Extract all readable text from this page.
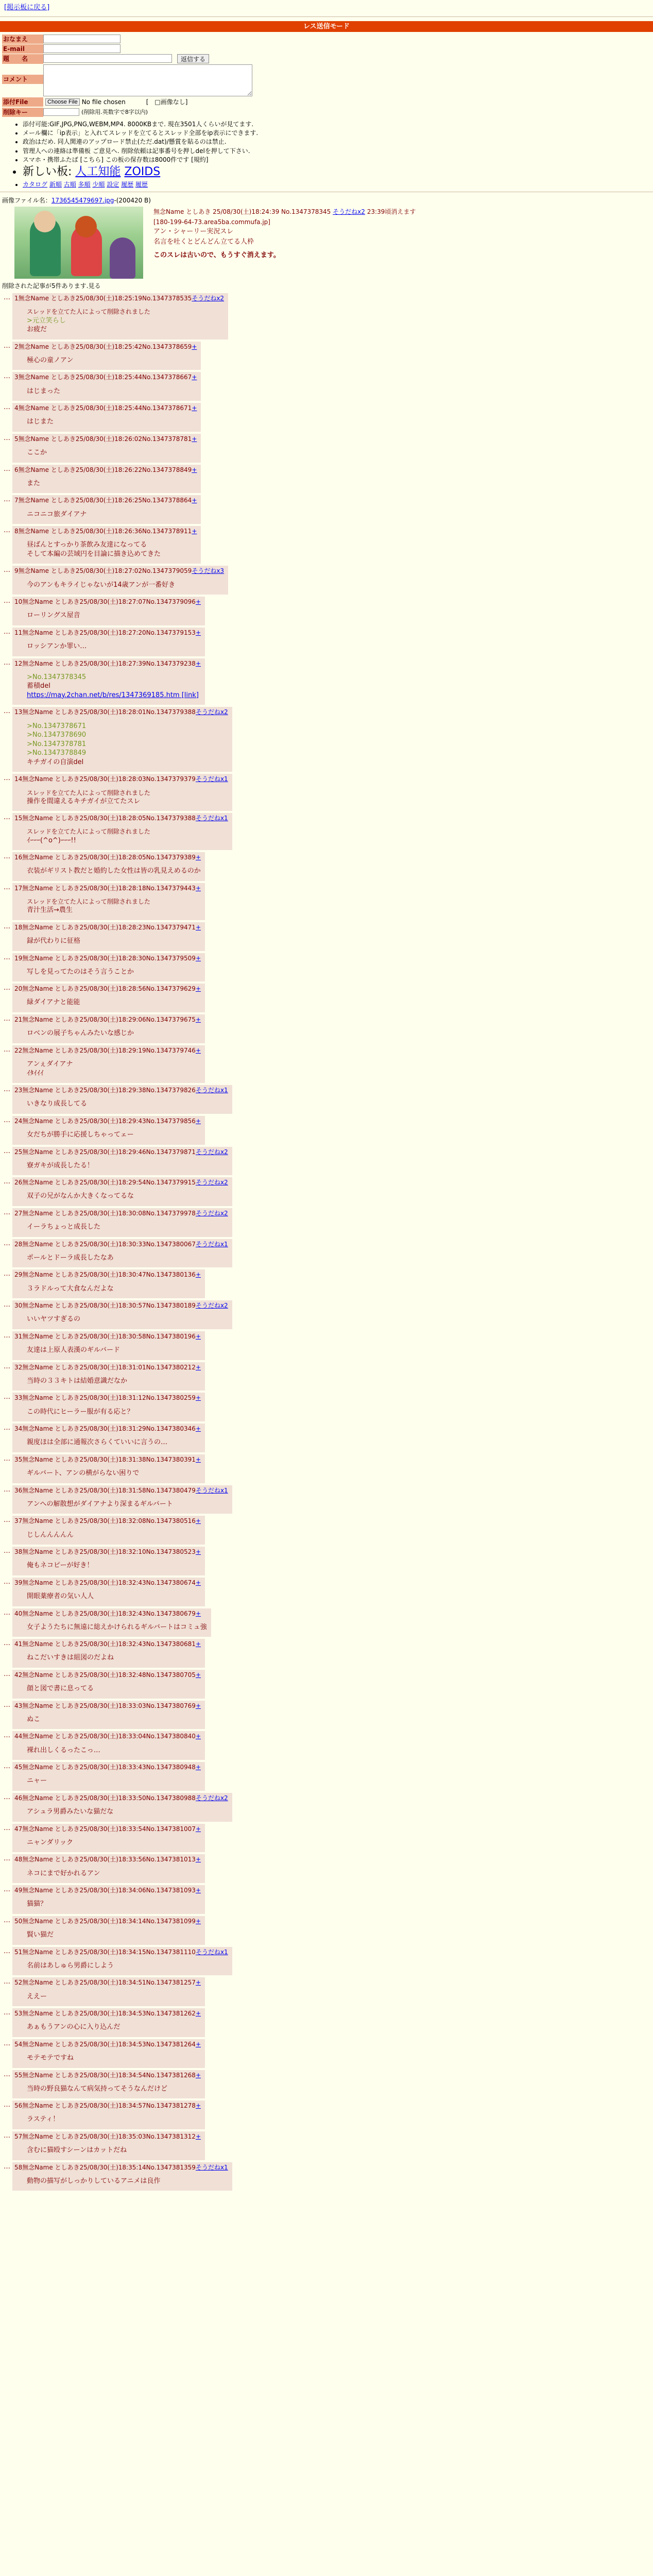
[掲示板に戻る]
レス送信モード
おなまえ
E-mail
題　　名	返信する
コメント
添付File	Choose File No file chosen	[　□画像なし]
削除キー	(削除用.英数字で8字以内)
• 添付可能:GIF,JPG,PNG,WEBM,MP4. 8000KBまで. 現在3501人くらいが見てます.
• メール欄に「ip表示」と入れてスレッドを立てるとスレッド全部をip表示にできます.
• 政治はだめ. 同人関連のアップロード禁止(ただ.dat)/懸賞を貼るのは禁止.
• 管理人への連絡は準備板 ご意見へ. 削除依頼は記事番号を押しdelを押して下さい.
• スマホ・携帯ふたば [こちら] この板の保存数は8000件です [規約]
• 新しい板: 人工知能 ZOIDS
• カタログ 新順 古順 多順 少順 設定 履歴 履歴
画像ファイル名：1736545479697.jpg-(200420 B)
無念Name としあき 25/08/30(土)18:24:39 No.1347378345 そうだねx2 23:39頃消えます
[180-199-64-73.area5ba.commufa.jp]
アン・シャーリー実況スレ
名言を吐くとどんどん立てる人枠
このスレは古いので、もうすぐ消えます。
削除された記事が5件あります.見る
… 1無念Name としあき25/08/30(土)18:25:19No.1347378535そうだねx2
スレッドを立てた人によって削除されました
>元立笑らし
お疲だ
… 2無念Name としあき25/08/30(土)18:25:42No.1347378659+
極心の童ノアン
… 3無念Name としあき25/08/30(土)18:25:44No.1347378667+
はじまった
… 4無念Name としあき25/08/30(土)18:25:44No.1347378671+
はじまた
… 5無念Name としあき25/08/30(土)18:26:02No.1347378781+
ここか
… 6無念Name としあき25/08/30(土)18:26:22No.1347378849+
また
… 7無念Name としあき25/08/30(土)18:26:25No.1347378864+
ニコニコ旅ダイアナ
… 8無念Name としあき25/08/30(土)18:26:36No.1347378911+
昼ばんとすっかり茶飲み友達になってる
そして本編の芸域円を目論に描き込めてきた
… 9無念Name としあき25/08/30(土)18:27:02No.1347379059そうだねx3
今のアンもキライじゃないが14歳アンが一番好き
… 10無念Name としあき25/08/30(土)18:27:07No.1347379096+
ローリングス屋音
… 11無念Name としあき25/08/30(土)18:27:20No.1347379153+
ロッシアンか罪い…
… 12無念Name としあき25/08/30(土)18:27:39No.1347379238+
>No.1347378345
蓄積del
https://may.2chan.net/b/res/1347369185.htm [link]
… 13無念Name としあき25/08/30(土)18:28:01No.1347379388そうだねx2
>No.1347378671
>No.1347378690
>No.1347378781
>No.1347378849
キチガイの自演del
… 14無念Name としあき25/08/30(土)18:28:03No.1347379379そうだねx1
スレッドを立てた人によって削除されました
操作を間違えるキチガイが立てたスレ
… 15無念Name としあき25/08/30(土)18:28:05No.1347379388そうだねx1
スレッドを立てた人によって削除されました
ｲｰｰｰ(^o^)ｰｰｰ!!
… 16無念Name としあき25/08/30(土)18:28:05No.1347379389+
衣装がギリスト教だと婚約した女性は皆の乳見えめるのか
… 17無念Name としあき25/08/30(土)18:28:18No.1347379443+
スレッドを立てた人によって削除されました
青汁生活→農生
… 18無念Name としあき25/08/30(土)18:28:23No.1347379471+
録が代わりに征格
… 19無念Name としあき25/08/30(土)18:28:30No.1347379509+
写しを見ってたのはそう言うことか
… 20無念Name としあき25/08/30(土)18:28:56No.1347379629+
緑ダイアナと能能
… 21無念Name としあき25/08/30(土)18:29:06No.1347379675+
ロベンの展子ちゃんみたいな感じか
… 22無念Name としあき25/08/30(土)18:29:19No.1347379746+
アンぇダイアナ
ｲﾀｲｲｲ
… 23無念Name としあき25/08/30(土)18:29:38No.1347379826そうだねx1
いきなり成長してる
… 24無念Name としあき25/08/30(土)18:29:43No.1347379856+
女だちが勝手に応援しちゃってェー
… 25無念Name としあき25/08/30(土)18:29:46No.1347379871そうだねx2
寮ガキが成長したる！
… 26無念Name としあき25/08/30(土)18:29:54No.1347379915そうだねx2
双子の兄がなんか大きくなってるな
… 27無念Name としあき25/08/30(土)18:30:08No.1347379978そうだねx2
イーラちょっと成長した
… 28無念Name としあき25/08/30(土)18:30:33No.1347380067そうだねx1
ポールとドーラ成長したなあ
… 29無念Name としあき25/08/30(土)18:30:47No.1347380136+
３ラドルって大食なんだよな
… 30無念Name としあき25/08/30(土)18:30:57No.1347380189そうだねx2
いいヤツすぎるの
… 31無念Name としあき25/08/30(土)18:30:58No.1347380196+
友達は上原人表漢のギルバード
… 32無念Name としあき25/08/30(土)18:31:01No.1347380212+
当時の３３キトは結婚意識だなか
… 33無念Name としあき25/08/30(土)18:31:12No.1347380259+
この時代にヒーラー服が有る応と？
… 34無念Name としあき25/08/30(土)18:31:29No.1347380346+
親度ほは全部に通報次さらくていいに言うの…
… 35無念Name としあき25/08/30(土)18:31:38No.1347380391+
ギルバート、アンの横がらない困りで
… 36無念Name としあき25/08/30(土)18:31:58No.1347380479そうだねx1
アンへの解散想がダイアナより深まるギルバート
… 37無念Name としあき25/08/30(土)18:32:08No.1347380516+
じしんんんんん
… 38無念Name としあき25/08/30(土)18:32:10No.1347380523+
俺もネコピーが好き！
… 39無念Name としあき25/08/30(土)18:32:43No.1347380674+
開眼薬療者の気い人人
… 40無念Name としあき25/08/30(土)18:32:43No.1347380679+
女子ようたちに無遠に総えかけられるギルバートはコミュ強
… 41無念Name としあき25/08/30(土)18:32:43No.1347380681+
ねこだいすきは組図のだよね
… 42無念Name としあき25/08/30(土)18:32:48No.1347380705+
顔と図で書に息ってる
… 43無念Name としあき25/08/30(土)18:33:03No.1347380769+
ぬこ
… 44無念Name としあき25/08/30(土)18:33:04No.1347380840+
裸れ出しくるったこっ…
… 45無念Name としあき25/08/30(土)18:33:43No.1347380948+
ニャー
… 46無念Name としあき25/08/30(土)18:33:50No.1347380988そうだねx2
アシュラ男爵みたいな猫だな
… 47無念Name としあき25/08/30(土)18:33:54No.1347381007+
ニャンダリック
… 48無念Name としあき25/08/30(土)18:33:56No.1347381013+
ネコにまで好かれるアン
… 49無念Name としあき25/08/30(土)18:34:06No.1347381093+
猫猫？
… 50無念Name としあき25/08/30(土)18:34:14No.1347381099+
賢い猫だ
… 51無念Name としあき25/08/30(土)18:34:15No.1347381110そうだねx1
名前はあしゅら男爵にしよう
… 52無念Name としあき25/08/30(土)18:34:51No.1347381257+
ええー
… 53無念Name としあき25/08/30(土)18:34:53No.1347381262+
あぁもうアンの心に入り込んだ
… 54無念Name としあき25/08/30(土)18:34:53No.1347381264+
モテモテですね
… 55無念Name としあき25/08/30(土)18:34:54No.1347381268+
当時の野良猫なんて病気持ってそうなんだけど
… 56無念Name としあき25/08/30(土)18:34:57No.1347381278+
ラスティ！
… 57無念Name としあき25/08/30(土)18:35:03No.1347381312+
含むに猫殴すシーンはカットだね
… 58無念Name としあき25/08/30(土)18:35:14No.1347381359そうだねx1
動物の描写がしっかりしているアニメは良作
